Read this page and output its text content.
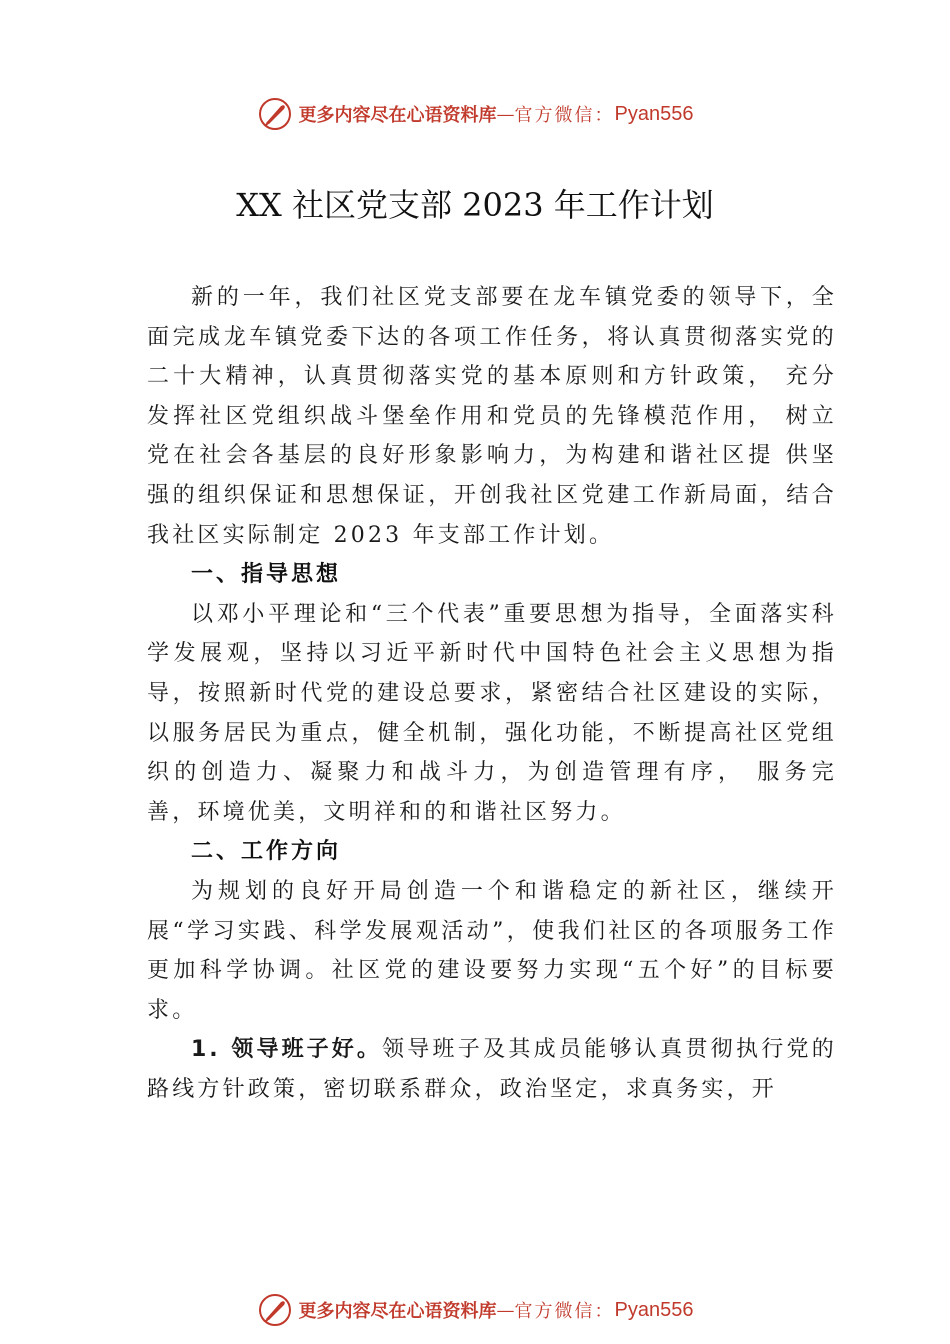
更多内容尽在心语资料库 — 官方微信： Pyan556
XX 社区党支部 2023 年工作计划

新的一年，我们社区党支部要在龙车镇党委的领导下，全面完成龙车镇党委下达的各项工作任务，将认真贯彻落实党的二十大精神，认真贯彻落实党的基本原则和方针政策， 充分发挥社区党组织战斗堡垒作用和党员的先锋模范作用， 树立党在社会各基层的良好形象影响力，为构建和谐社区提 供坚强的组织保证和思想保证，开创我社区党建工作新局面，结合我社区实际制定 2023 年支部工作计划。

一、指导思想

以邓小平理论和“三个代表”重要思想为指导，全面落实科学发展观，坚持以习近平新时代中国特色社会主义思想为指导，按照新时代党的建设总要求，紧密结合社区建设的实际，以服务居民为重点，健全机制，强化功能，不断提高社区党组织的创造力、凝聚力和战斗力，为创造管理有序， 服务完善，环境优美，文明祥和的和谐社区努力。

二、工作方向

为规划的良好开局创造一个和谐稳定的新社区，继续开展“学习实践、科学发展观活动”，使我们社区的各项服务工作更加科学协调。社区党的建设要努力实现“五个好”的目标要求。

1. 领导班子好。领导班子及其成员能够认真贯彻执行党的路线方针政策，密切联系群众，政治坚定，求真务实，开

更多内容尽在心语资料库 — 官方微信： Pyan556
